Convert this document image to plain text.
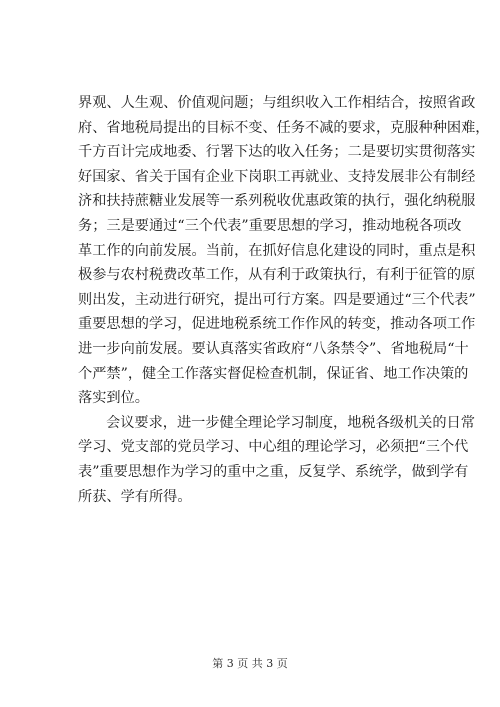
界观、人生观、价值观问题；与组织收入工作相结合，按照省政
府、省地税局提出的目标不变、任务不减的要求，克服种种困难，
千方百计完成地委、行署下达的收入任务；二是要切实贯彻落实
好国家、省关于国有企业下岗职工再就业、支持发展非公有制经
济和扶持蔗糖业发展等一系列税收优惠政策的执行，强化纳税服
务；三是要通过“三个代表”重要思想的学习，推动地税各项改
革工作的向前发展。当前，在抓好信息化建设的同时，重点是积
极参与农村税费改革工作，从有利于政策执行，有利于征管的原
则出发，主动进行研究，提出可行方案。四是要通过“三个代表”
重要思想的学习，促进地税系统工作作风的转变，推动各项工作
进一步向前发展。要认真落实省政府“八条禁令”、省地税局“十
个严禁”，健全工作落实督促检查机制，保证省、地工作决策的
落实到位。
会议要求，进一步健全理论学习制度，地税各级机关的日常
学习、党支部的党员学习、中心组的理论学习，必须把“三个代
表”重要思想作为学习的重中之重，反复学、系统学，做到学有
所获、学有所得。
第 3 页 共 3 页
